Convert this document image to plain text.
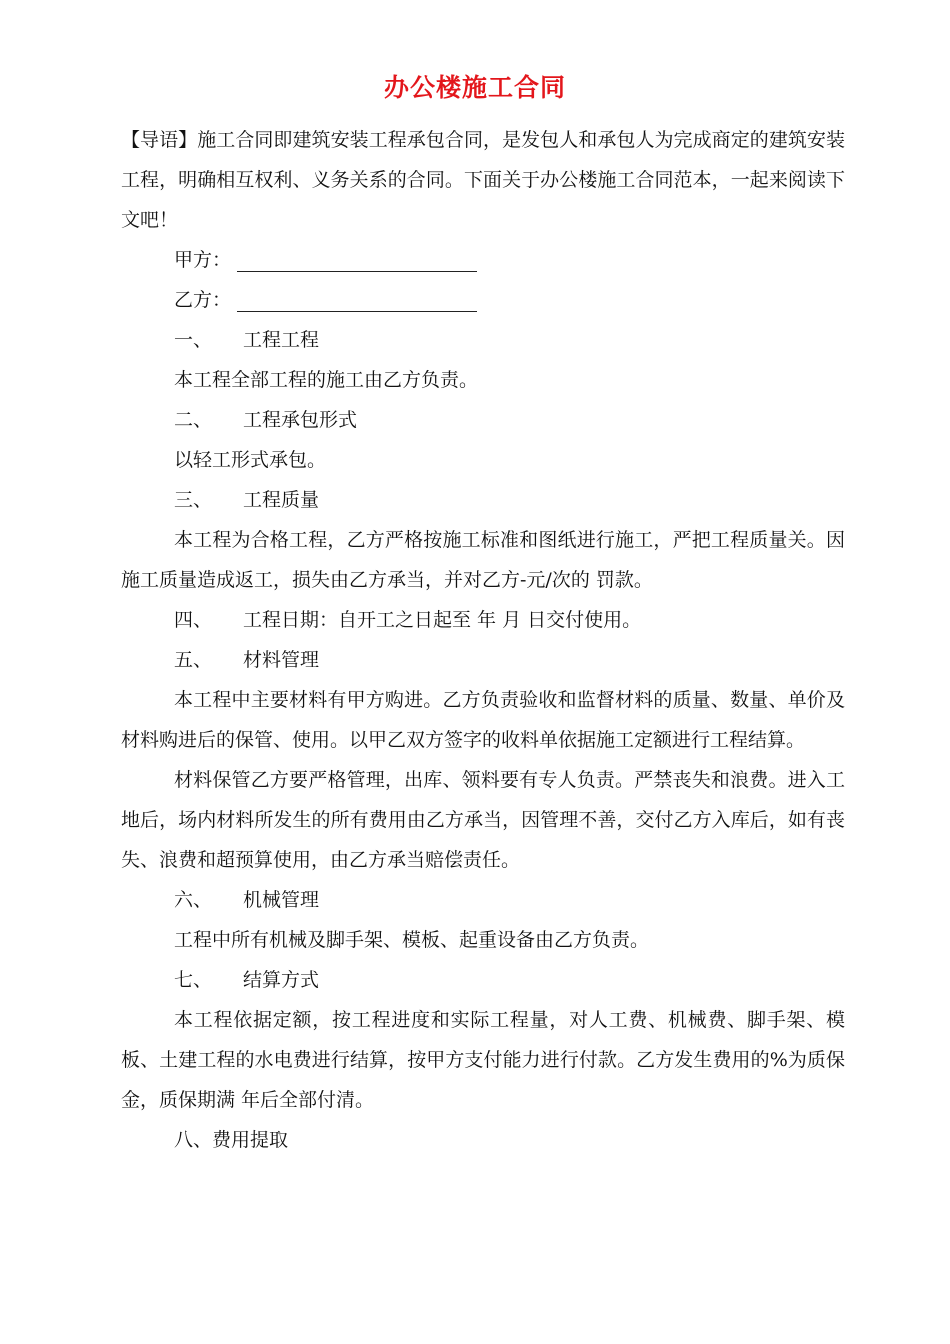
办公楼施工合同

【导语】施工合同即建筑安装工程承包合同，是发包人和承包人为完成商定的建筑安装工程，明确相互权利、义务关系的合同。下面关于办公楼施工合同范本，一起来阅读下文吧！

甲方：

乙方：

一、 工程工程

本工程全部工程的施工由乙方负责。

二、 工程承包形式

以轻工形式承包。

三、 工程质量

本工程为合格工程，乙方严格按施工标准和图纸进行施工，严把工程质量关。因施工质量造成返工，损失由乙方承当，并对乙方-元/次的 罚款。

四、 工程日期：自开工之日起至 年 月 日交付使用。

五、 材料管理

本工程中主要材料有甲方购进。乙方负责验收和监督材料的质量、数量、单价及材料购进后的保管、使用。以甲乙双方签字的收料单依据施工定额进行工程结算。

材料保管乙方要严格管理，出库、领料要有专人负责。严禁丧失和浪费。进入工地后，场内材料所发生的所有费用由乙方承当，因管理不善，交付乙方入库后，如有丧失、浪费和超预算使用，由乙方承当赔偿责任。

六、 机械管理

工程中所有机械及脚手架、模板、起重设备由乙方负责。

七、 结算方式

本工程依据定额，按工程进度和实际工程量，对人工费、机械费、脚手架、模板、土建工程的水电费进行结算，按甲方支付能力进行付款。乙方发生费用的%为质保金，质保期满 年后全部付清。

八、费用提取
